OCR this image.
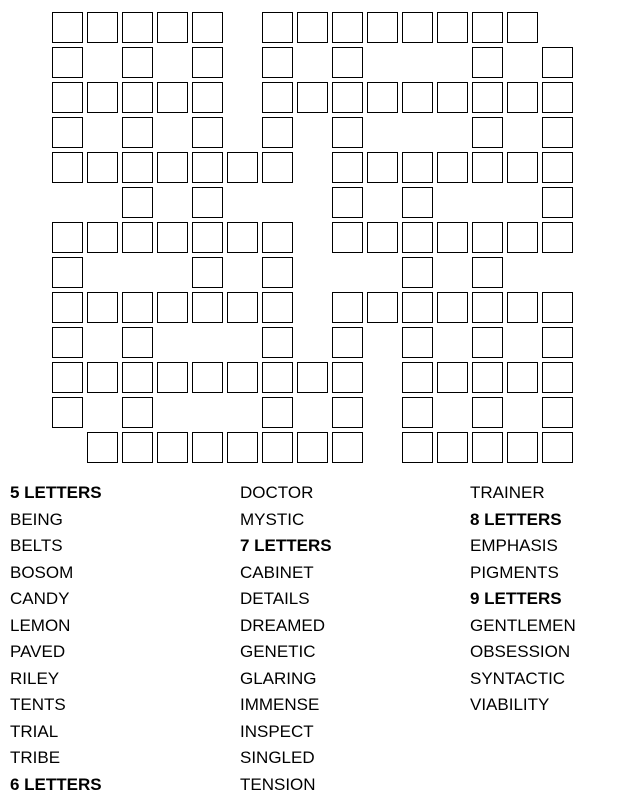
5 LETTERS
BEING
BELTS
BOSOM
CANDY
LEMON
PAVED
RILEY
TENTS
TRIAL
TRIBE
6 LETTERS
DOCTOR
MYSTIC
7 LETTERS
CABINET
DETAILS
DREAMED
GENETIC
GLARING
IMMENSE
INSPECT
SINGLED
TENSION
TRAINER
8 LETTERS
EMPHASIS
PIGMENTS
9 LETTERS
GENTLEMEN
OBSESSION
SYNTACTIC
VIABILITY
